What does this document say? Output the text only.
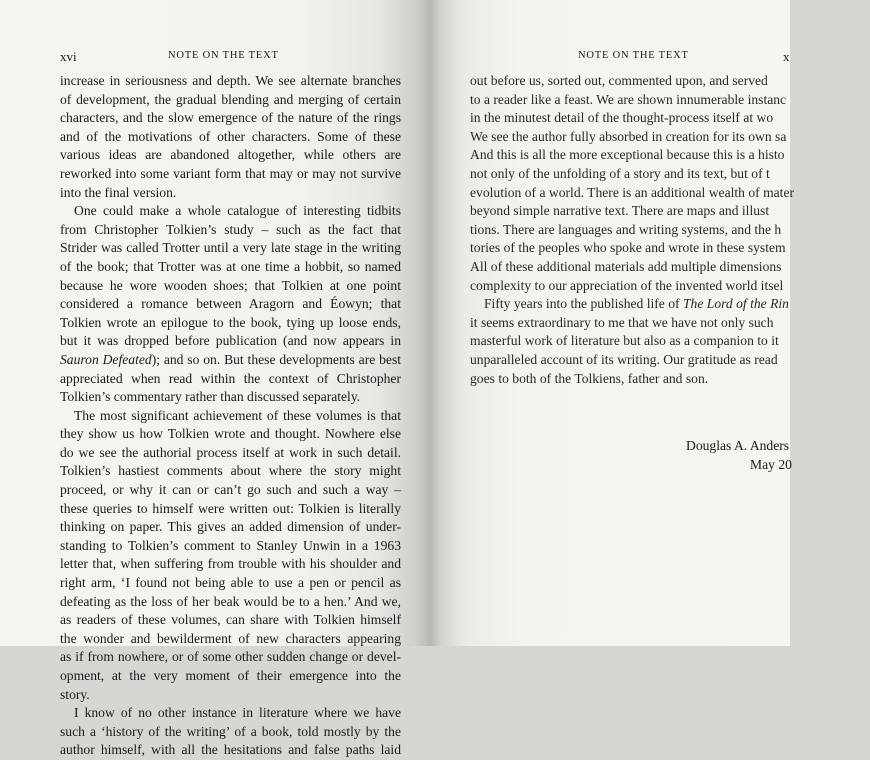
xvi	NOTE ON THE TEXT
increase in seriousness and depth. We see alternate branches
of development, the gradual blending and merging of certain
characters, and the slow emergence of the nature of the rings
and of the motivations of other characters. Some of these
various ideas are abandoned altogether, while others are
reworked into some variant form that may or may not survive
into the final version.
One could make a whole catalogue of interesting tidbits
from Christopher Tolkien’s study – such as the fact that
Strider was called Trotter until a very late stage in the writing
of the book; that Trotter was at one time a hobbit, so named
because he wore wooden shoes; that Tolkien at one point
considered a romance between Aragorn and Éowyn; that
Tolkien wrote an epilogue to the book, tying up loose ends,
but it was dropped before publication (and now appears in
Sauron Defeated); and so on. But these developments are best
appreciated when read within the context of Christopher
Tolkien’s commentary rather than discussed separately.
The most significant achievement of these volumes is that
they show us how Tolkien wrote and thought. Nowhere else
do we see the authorial process itself at work in such detail.
Tolkien’s hastiest comments about where the story might
proceed, or why it can or can’t go such and such a way –
these queries to himself were written out: Tolkien is literally
thinking on paper. This gives an added dimension of under-
standing to Tolkien’s comment to Stanley Unwin in a 1963
letter that, when suffering from trouble with his shoulder and
right arm, ‘I found not being able to use a pen or pencil as
defeating as the loss of her beak would be to a hen.’ And we,
as readers of these volumes, can share with Tolkien himself
the wonder and bewilderment of new characters appearing
as if from nowhere, or of some other sudden change or devel-
opment, at the very moment of their emergence into the
story.
I know of no other instance in literature where we have
such a ‘history of the writing’ of a book, told mostly by the
author himself, with all the hesitations and false paths laid
NOTE ON THE TEXT	x
out before us, sorted out, commented upon, and served
to a reader like a feast. We are shown innumerable instanc
in the minutest detail of the thought-process itself at wo
We see the author fully absorbed in creation for its own sa
And this is all the more exceptional because this is a histo
not only of the unfolding of a story and its text, but of t
evolution of a world. There is an additional wealth of mater
beyond simple narrative text. There are maps and illust
tions. There are languages and writing systems, and the h
tories of the peoples who spoke and wrote in these system
All of these additional materials add multiple dimensions
complexity to our appreciation of the invented world itsel
Fifty years into the published life of The Lord of the Rin
it seems extraordinary to me that we have not only such
masterful work of literature but also as a companion to it
unparalleled account of its writing. Our gratitude as read
goes to both of the Tolkiens, father and son.
Douglas A. Anders
May 20
